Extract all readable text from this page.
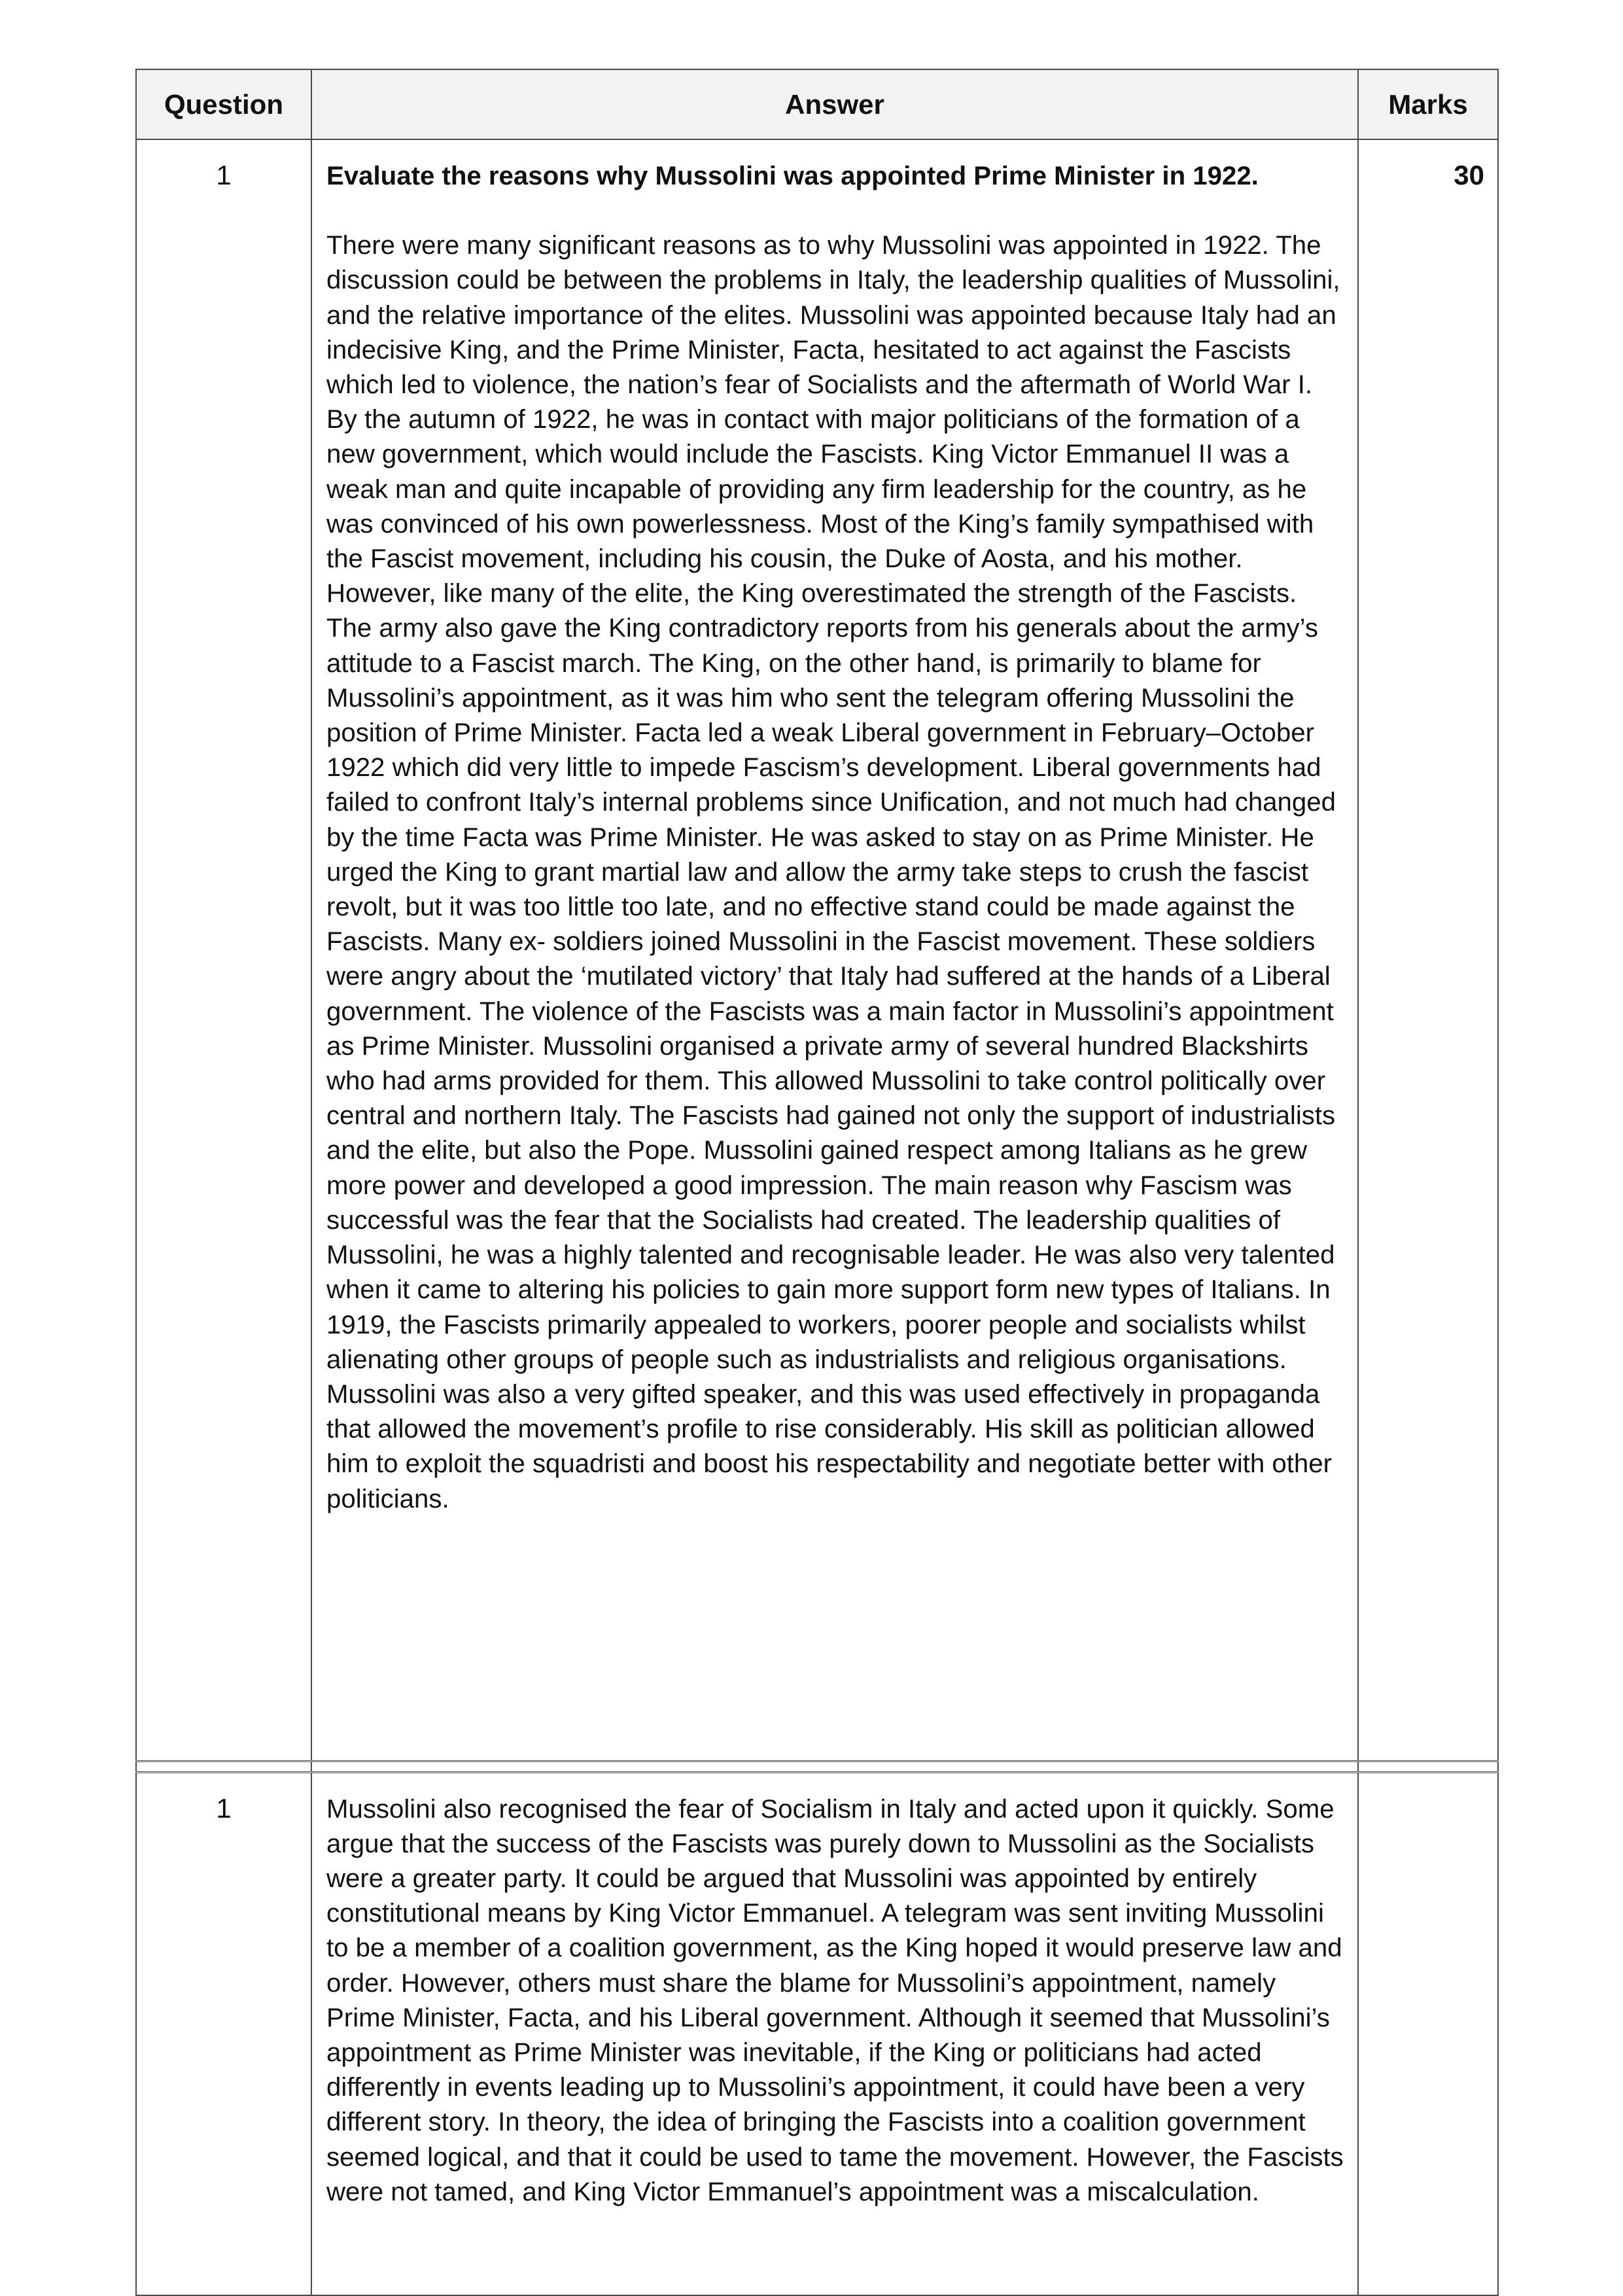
Question	Answer	Marks
1	Evaluate the reasons why Mussolini was appointed Prime Minister in 1922.

There were many significant reasons as to why Mussolini was appointed in 1922. The discussion could be between the problems in Italy, the leadership qualities of Mussolini, and the relative importance of the elites. Mussolini was appointed because Italy had an indecisive King, and the Prime Minister, Facta, hesitated to act against the Fascists which led to violence, the nation’s fear of Socialists and the aftermath of World War I. By the autumn of 1922, he was in contact with major politicians of the formation of a new government, which would include the Fascists. King Victor Emmanuel II was a weak man and quite incapable of providing any firm leadership for the country, as he was convinced of his own powerlessness. Most of the King’s family sympathised with the Fascist movement, including his cousin, the Duke of Aosta, and his mother. However, like many of the elite, the King overestimated the strength of the Fascists. The army also gave the King contradictory reports from his generals about the army’s attitude to a Fascist march. The King, on the other hand, is primarily to blame for Mussolini’s appointment, as it was him who sent the telegram offering Mussolini the position of Prime Minister. Facta led a weak Liberal government in February–October 1922 which did very little to impede Fascism’s development. Liberal governments had failed to confront Italy’s internal problems since Unification, and not much had changed by the time Facta was Prime Minister. He was asked to stay on as Prime Minister. He urged the King to grant martial law and allow the army take steps to crush the fascist revolt, but it was too little too late, and no effective stand could be made against the Fascists. Many ex- soldiers joined Mussolini in the Fascist movement. These soldiers were angry about the ‘mutilated victory’ that Italy had suffered at the hands of a Liberal government. The violence of the Fascists was a main factor in Mussolini’s appointment as Prime Minister. Mussolini organised a private army of several hundred Blackshirts who had arms provided for them. This allowed Mussolini to take control politically over central and northern Italy. The Fascists had gained not only the support of industrialists and the elite, but also the Pope. Mussolini gained respect among Italians as he grew more power and developed a good impression. The main reason why Fascism was successful was the fear that the Socialists had created. The leadership qualities of Mussolini, he was a highly talented and recognisable leader. He was also very talented when it came to altering his policies to gain more support form new types of Italians. In 1919, the Fascists primarily appealed to workers, poorer people and socialists whilst alienating other groups of people such as industrialists and religious organisations. Mussolini was also a very gifted speaker, and this was used effectively in propaganda that allowed the movement’s profile to rise considerably. His skill as politician allowed him to exploit the squadristi and boost his respectability and negotiate better with other politicians.	30

1	Mussolini also recognised the fear of Socialism in Italy and acted upon it quickly. Some argue that the success of the Fascists was purely down to Mussolini as the Socialists were a greater party. It could be argued that Mussolini was appointed by entirely constitutional means by King Victor Emmanuel. A telegram was sent inviting Mussolini to be a member of a coalition government, as the King hoped it would preserve law and order. However, others must share the blame for Mussolini’s appointment, namely Prime Minister, Facta, and his Liberal government. Although it seemed that Mussolini’s appointment as Prime Minister was inevitable, if the King or politicians had acted differently in events leading up to Mussolini’s appointment, it could have been a very different story. In theory, the idea of bringing the Fascists into a coalition government seemed logical, and that it could be used to tame the movement. However, the Fascists were not tamed, and King Victor Emmanuel’s appointment was a miscalculation.	
